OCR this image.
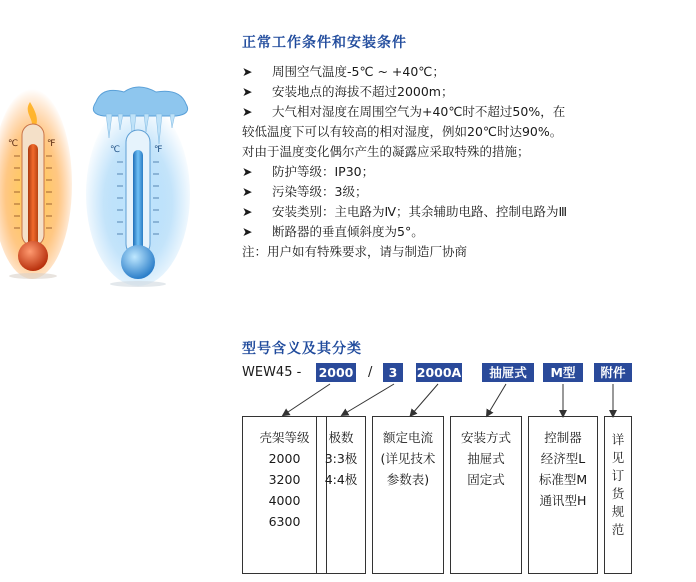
℃	℉
℃	℉
正常工作条件和安装条件
➤ 周围空气温度-5℃ ~ +40℃；
➤ 安装地点的海拔不超过2000m；
➤ 大气相对湿度在周围空气为+40℃时不超过50%，在
较低温度下可以有较高的相对湿度，例如20℃时达90%。
对由于温度变化偶尔产生的凝露应采取特殊的措施；
➤ 防护等级：IP30；
➤ 污染等级：3级；
➤ 安装类别：主电路为Ⅳ；其余辅助电路、控制电路为Ⅲ
➤ 断路器的垂直倾斜度为5°。
注：用户如有特殊要求，请与制造厂协商
型号含义及其分类
WEW45 - 2000 /	3	2000A	抽屉式	M型	附件
壳架等级
2000
3200
4000
6300
极数
3:3极
4:4极
额定电流
(详见技术
参数表)
安装方式
抽屉式
固定式
控制器
经济型L
标准型M
通讯型H
详
见
订
货
规
范
